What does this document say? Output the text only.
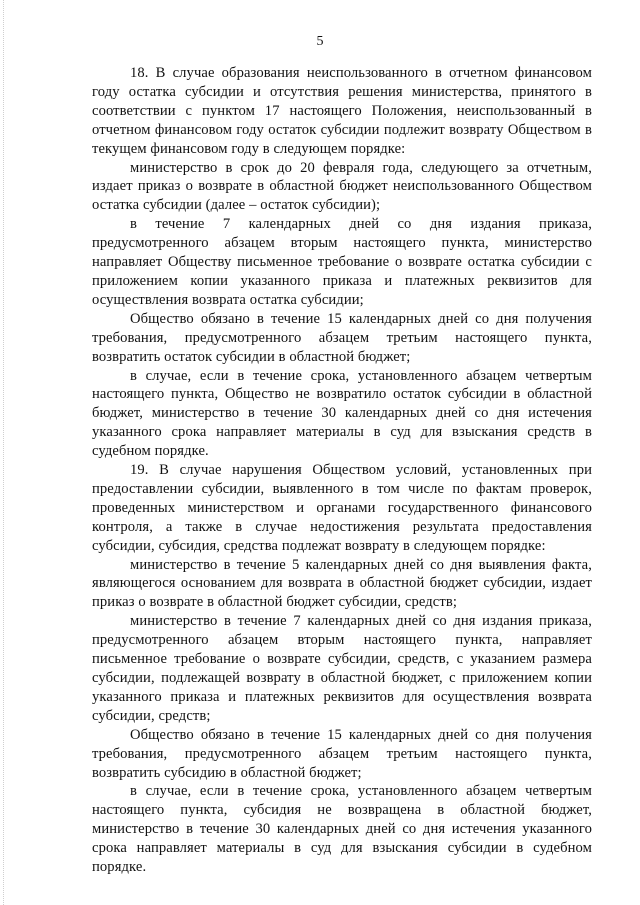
5

18. В случае образования неиспользованного в отчетном финансовом году остатка субсидии и отсутствия решения министерства, принятого в соответствии с пунктом 17 настоящего Положения, неиспользованный в отчетном финансовом году остаток субсидии подлежит возврату Обществом в текущем финансовом году в следующем порядке:

министерство в срок до 20 февраля года, следующего за отчетным, издает приказ о возврате в областной бюджет неиспользованного Обществом остатка субсидии (далее – остаток субсидии);

в течение 7 календарных дней со дня издания приказа, предусмотренного абзацем вторым настоящего пункта, министерство направляет Обществу письменное требование о возврате остатка субсидии с приложением копии указанного приказа и платежных реквизитов для осуществления возврата остатка субсидии;

Общество обязано в течение 15 календарных дней со дня получения требования, предусмотренного абзацем третьим настоящего пункта, возвратить остаток субсидии в областной бюджет;

в случае, если в течение срока, установленного абзацем четвертым настоящего пункта, Общество не возвратило остаток субсидии в областной бюджет, министерство в течение 30 календарных дней со дня истечения указанного срока направляет материалы в суд для взыскания средств в судебном порядке.

19. В случае нарушения Обществом условий, установленных при предоставлении субсидии, выявленного в том числе по фактам проверок, проведенных министерством и органами государственного финансового контроля, а также в случае недостижения результата предоставления субсидии, субсидия, средства подлежат возврату в следующем порядке:

министерство в течение 5 календарных дней со дня выявления факта, являющегося основанием для возврата в областной бюджет субсидии, издает приказ о возврате в областной бюджет субсидии, средств;

министерство в течение 7 календарных дней со дня издания приказа, предусмотренного абзацем вторым настоящего пункта, направляет письменное требование о возврате субсидии, средств, с указанием размера субсидии, подлежащей возврату в областной бюджет, с приложением копии указанного приказа и платежных реквизитов для осуществления возврата субсидии, средств;

Общество обязано в течение 15 календарных дней со дня получения требования, предусмотренного абзацем третьим настоящего пункта, возвратить субсидию в областной бюджет;

в случае, если в течение срока, установленного абзацем четвертым настоящего пункта, субсидия не возвращена в областной бюджет, министерство в течение 30 календарных дней со дня истечения указанного срока направляет материалы в суд для взыскания субсидии в судебном порядке.
